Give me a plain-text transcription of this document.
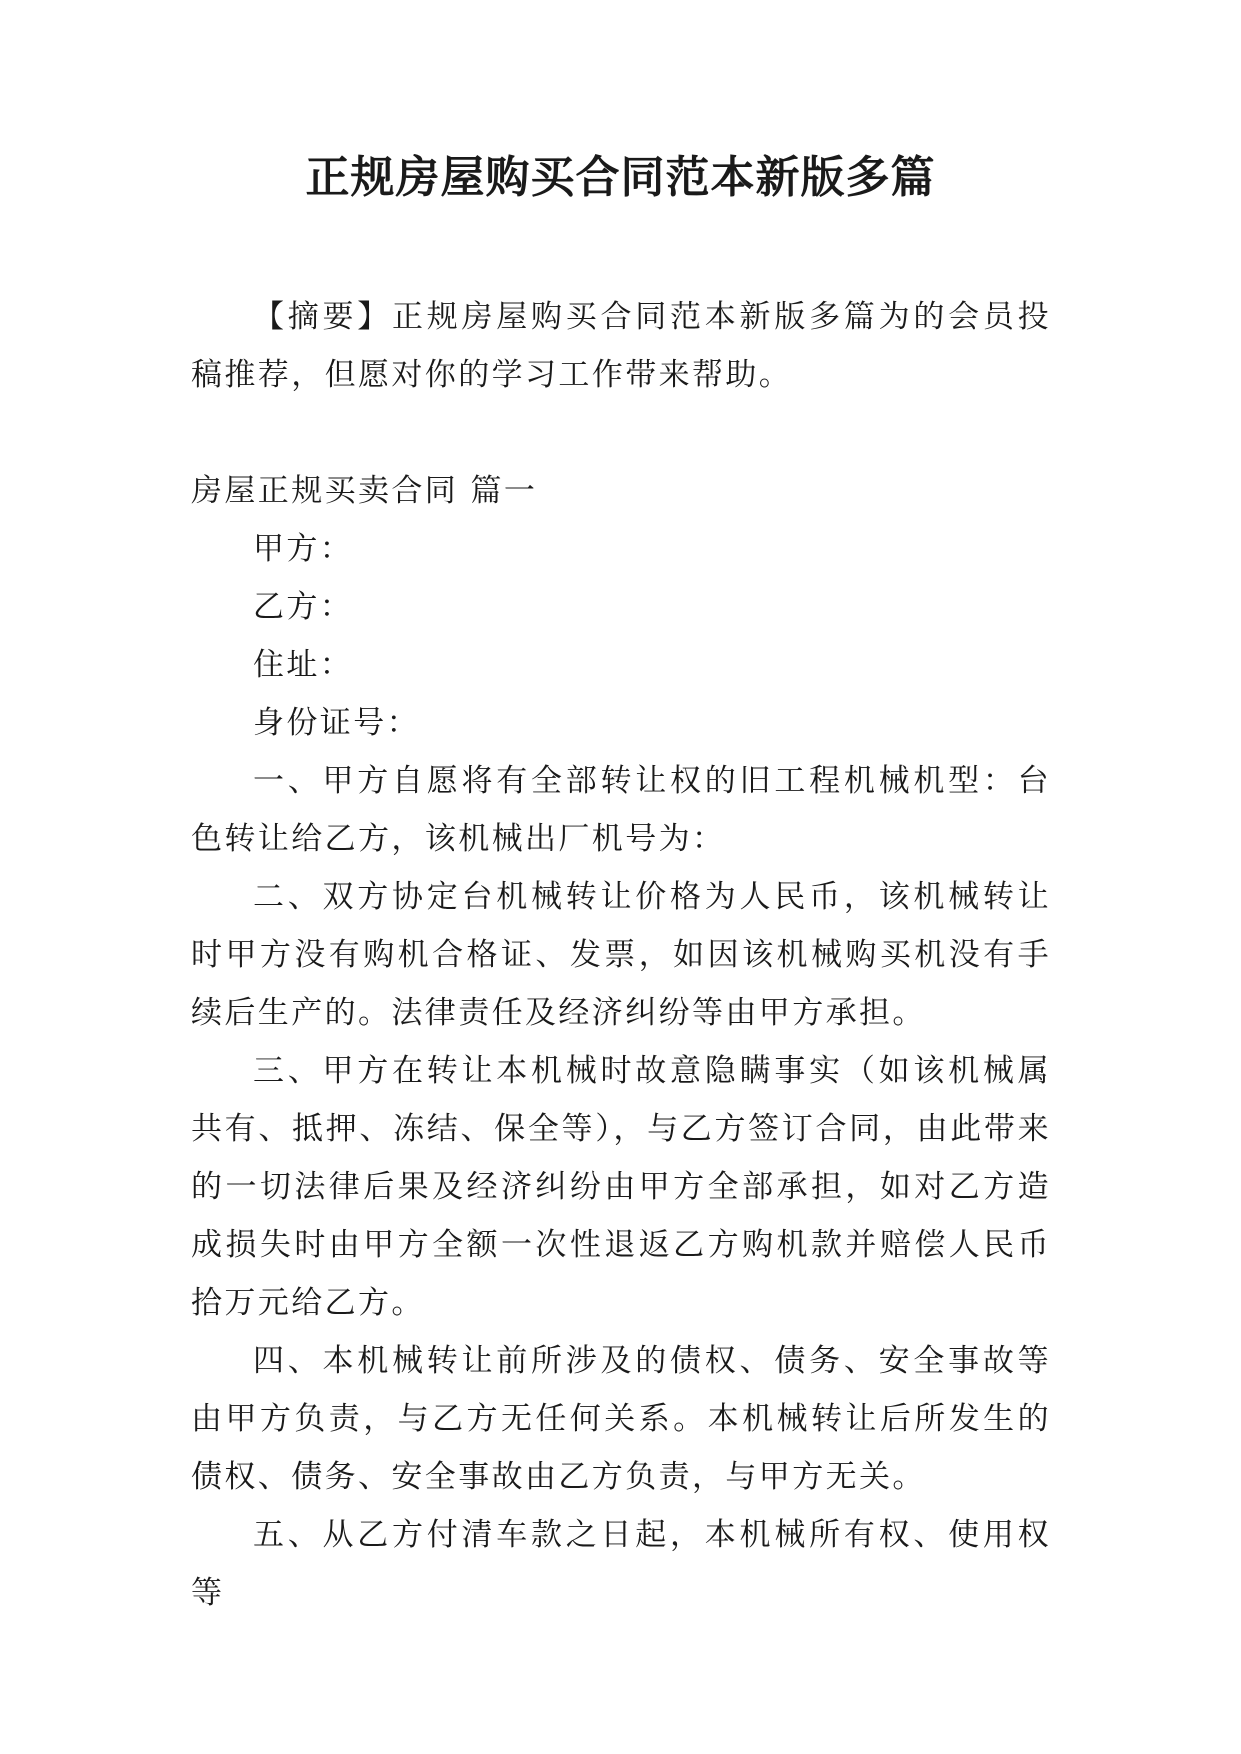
正规房屋购买合同范本新版多篇

【摘要】正规房屋购买合同范本新版多篇为的会员投稿推荐，但愿对你的学习工作带来帮助。

房屋正规买卖合同 篇一

甲方：

乙方：

住址：

身份证号：

一、甲方自愿将有全部转让权的旧工程机械机型：台色转让给乙方，该机械出厂机号为：

二、双方协定台机械转让价格为人民币，该机械转让时甲方没有购机合格证、发票，如因该机械购买机没有手续后生产的。法律责任及经济纠纷等由甲方承担。

三、甲方在转让本机械时故意隐瞒事实（如该机械属共有、抵押、冻结、保全等），与乙方签订合同，由此带来的一切法律后果及经济纠纷由甲方全部承担，如对乙方造成损失时由甲方全额一次性退返乙方购机款并赔偿人民币拾万元给乙方。

四、本机械转让前所涉及的债权、债务、安全事故等由甲方负责，与乙方无任何关系。本机械转让后所发生的债权、债务、安全事故由乙方负责，与甲方无关。

五、从乙方付清车款之日起，本机械所有权、使用权等
